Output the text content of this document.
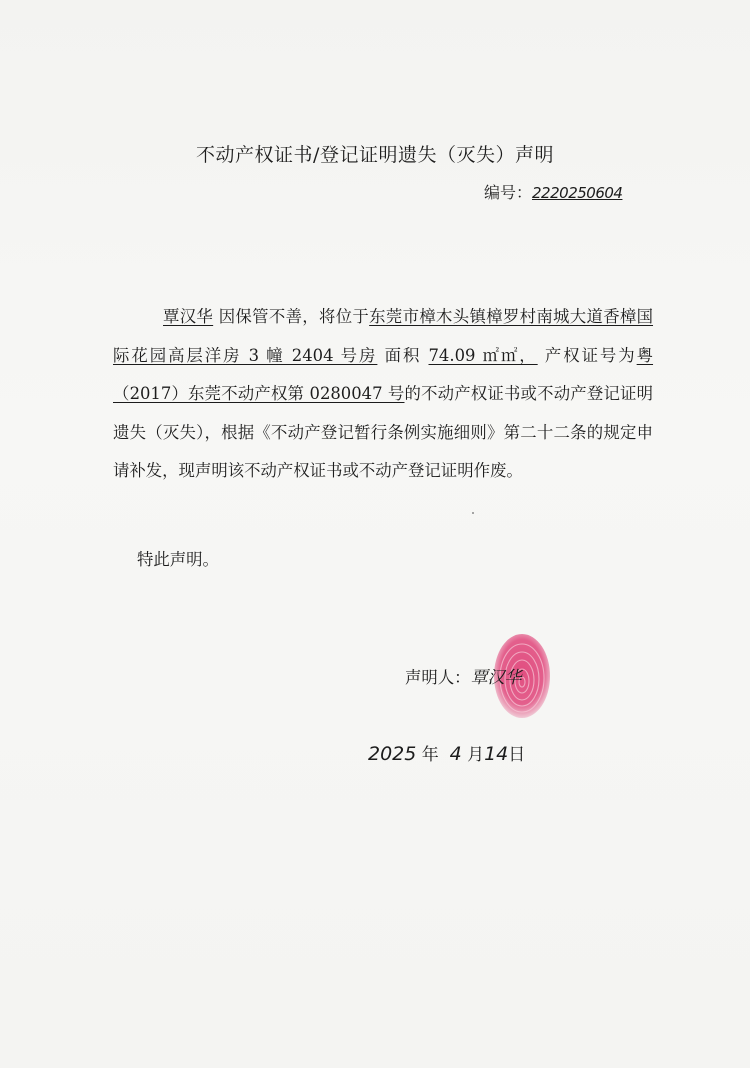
不动产权证书/登记证明遗失（灭失）声明
编号：2220250604

覃汉华 因保管不善，将位于东莞市樟木头镇樟罗村南城大道香樟国际花园高层洋房 3 幢 2404 号房 面积 74.09 ㎡㎡， 产权证号为粤（2017）东莞不动产权第 0280047 号的不动产权证书或不动产登记证明遗失（灭失），根据《不动产登记暂行条例实施细则》第二十二条的规定申请补发，现声明该不动产权证书或不动产登记证明作废。

特此声明。
声明人：覃汉华
2025 年 4 月14日
